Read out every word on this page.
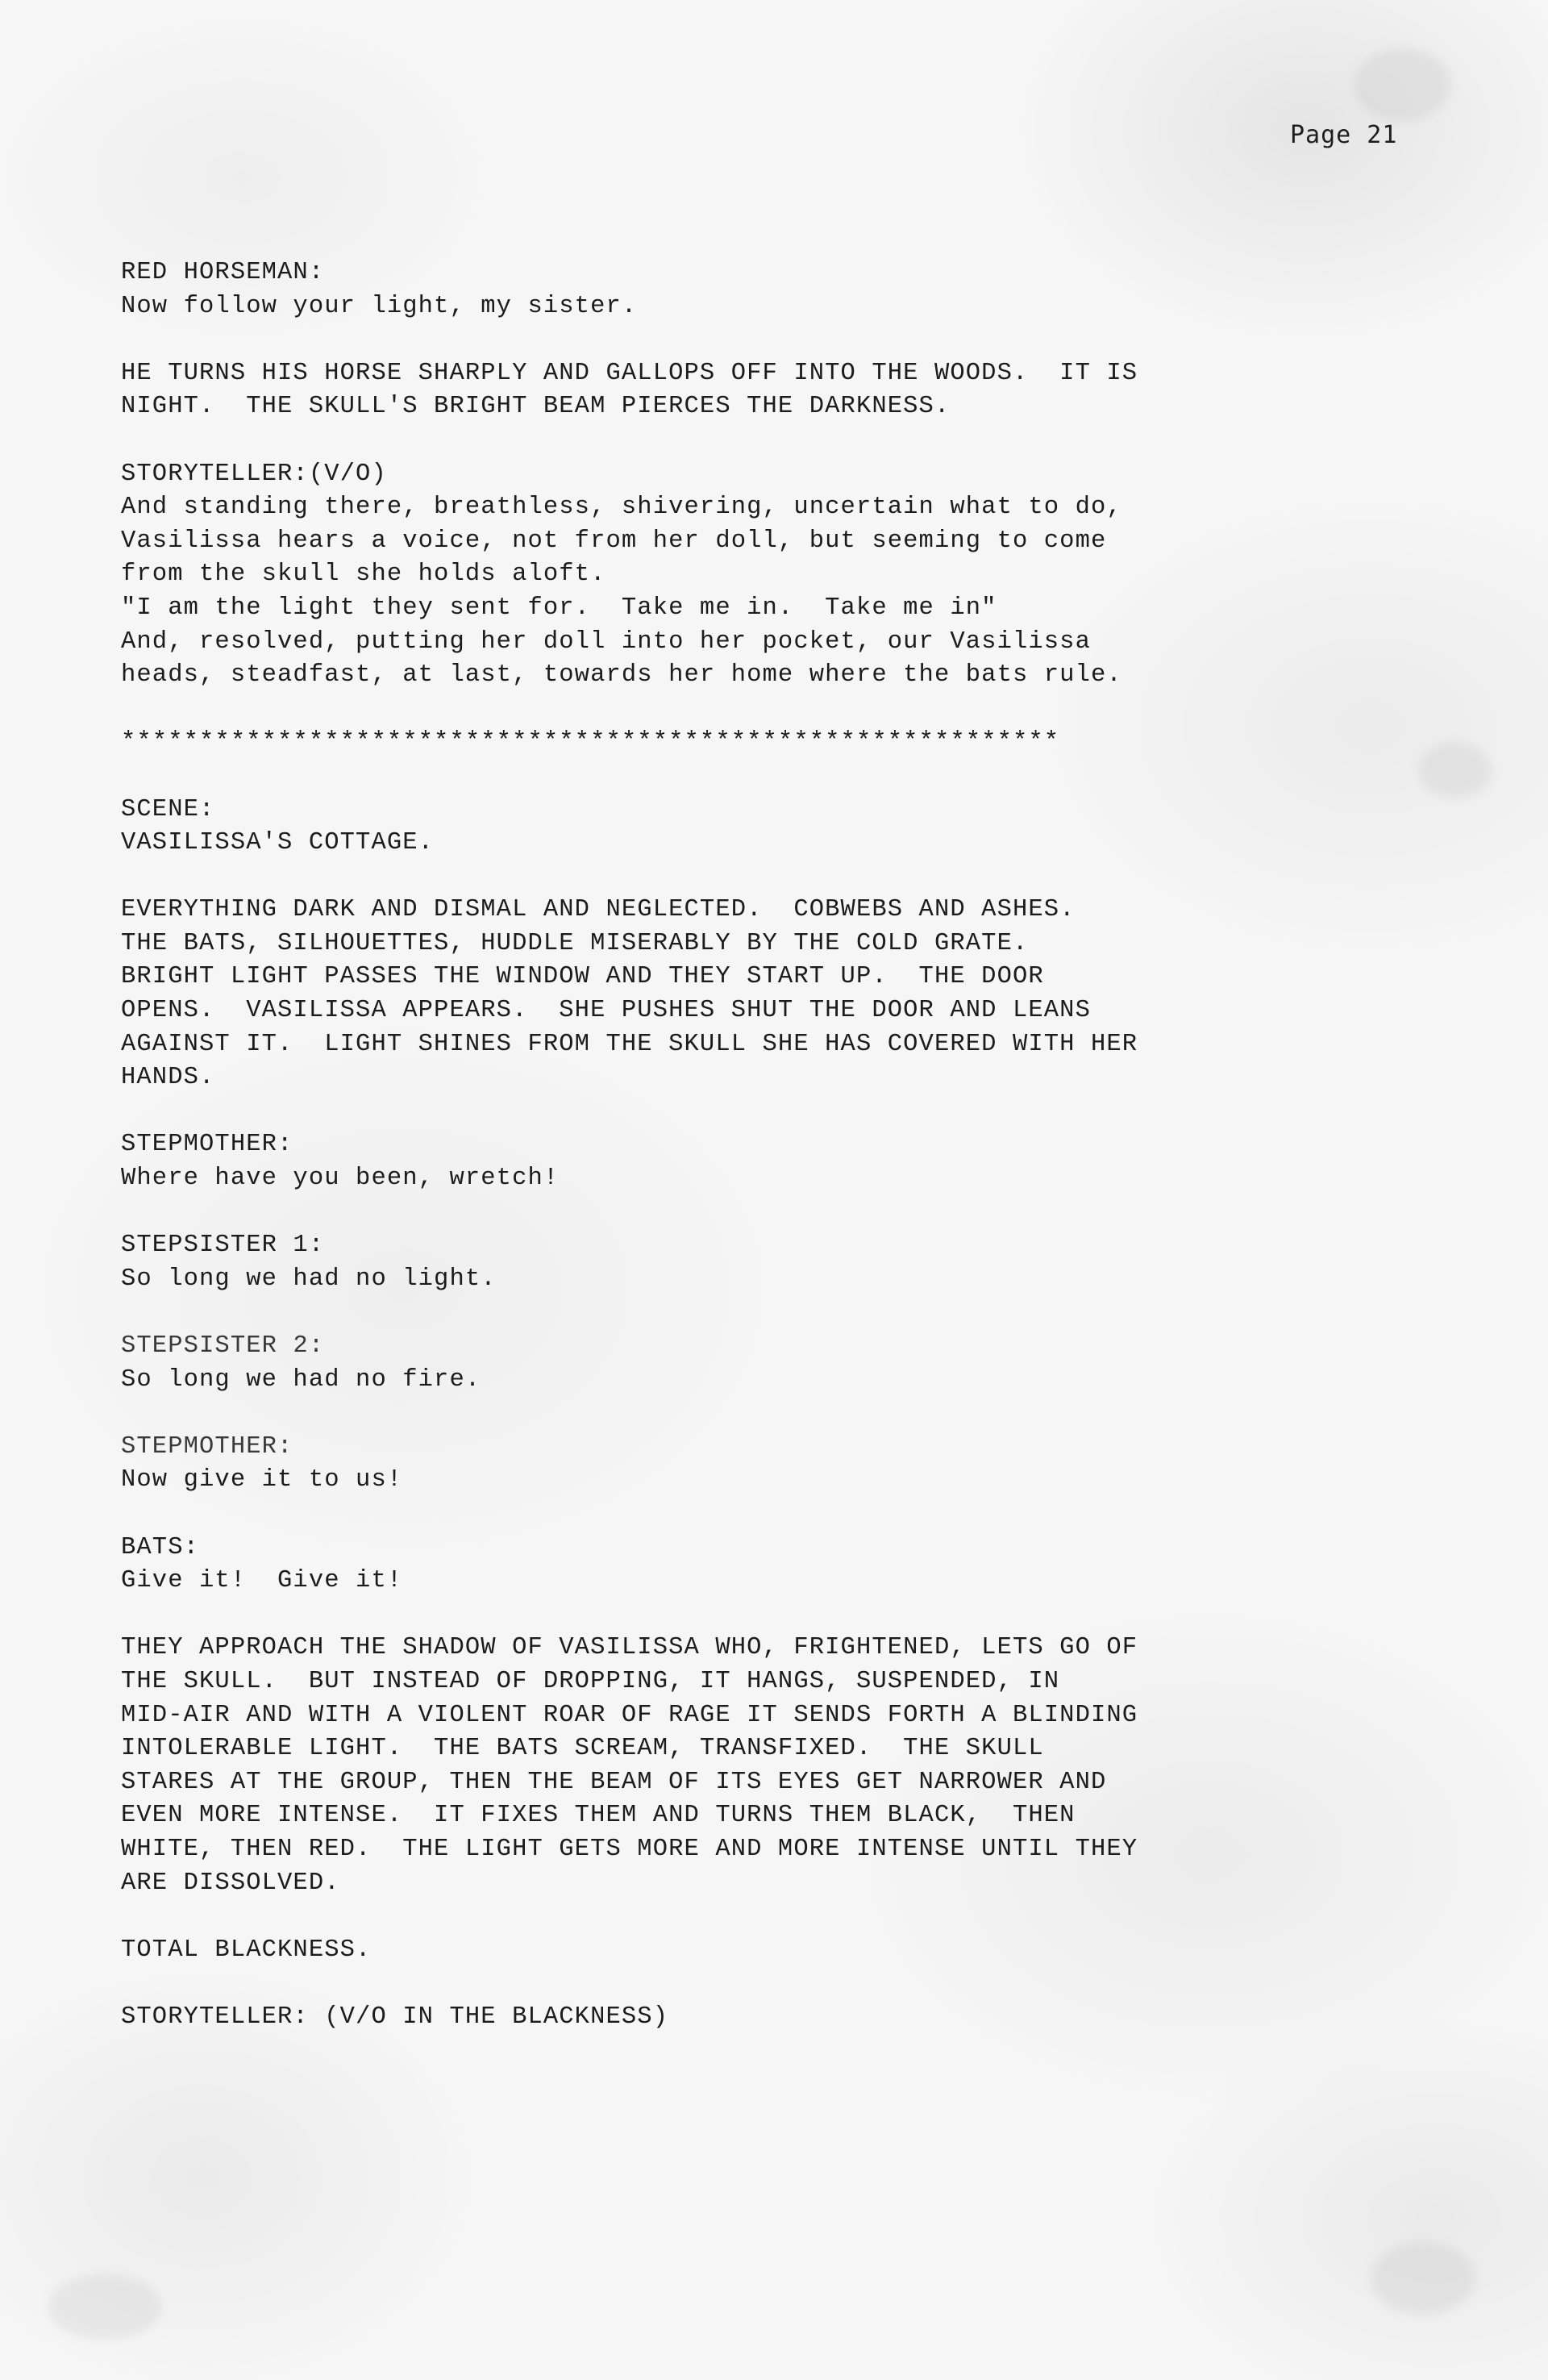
Page 21
RED HORSEMAN:
Now follow your light, my sister.
HE TURNS HIS HORSE SHARPLY AND GALLOPS OFF INTO THE WOODS.  IT IS
NIGHT.  THE SKULL'S BRIGHT BEAM PIERCES THE DARKNESS.
STORYTELLER:(V/O)
And standing there, breathless, shivering, uncertain what to do,
Vasilissa hears a voice, not from her doll, but seeming to come
from the skull she holds aloft.
"I am the light they sent for.  Take me in.  Take me in"
And, resolved, putting her doll into her pocket, our Vasilissa
heads, steadfast, at last, towards her home where the bats rule.
************************************************************
SCENE:
VASILISSA'S COTTAGE.
EVERYTHING DARK AND DISMAL AND NEGLECTED.  COBWEBS AND ASHES.
THE BATS, SILHOUETTES, HUDDLE MISERABLY BY THE COLD GRATE.
BRIGHT LIGHT PASSES THE WINDOW AND THEY START UP.  THE DOOR
OPENS.  VASILISSA APPEARS.  SHE PUSHES SHUT THE DOOR AND LEANS
AGAINST IT.  LIGHT SHINES FROM THE SKULL SHE HAS COVERED WITH HER
HANDS.
STEPMOTHER:
Where have you been, wretch!
STEPSISTER 1:
So long we had no light.
STEPSISTER 2:
So long we had no fire.
STEPMOTHER:
Now give it to us!
BATS:
Give it!  Give it!
THEY APPROACH THE SHADOW OF VASILISSA WHO, FRIGHTENED, LETS GO OF
THE SKULL.  BUT INSTEAD OF DROPPING, IT HANGS, SUSPENDED, IN
MID-AIR AND WITH A VIOLENT ROAR OF RAGE IT SENDS FORTH A BLINDING
INTOLERABLE LIGHT.  THE BATS SCREAM, TRANSFIXED.  THE SKULL
STARES AT THE GROUP, THEN THE BEAM OF ITS EYES GET NARROWER AND
EVEN MORE INTENSE.  IT FIXES THEM AND TURNS THEM BLACK,  THEN
WHITE, THEN RED.  THE LIGHT GETS MORE AND MORE INTENSE UNTIL THEY
ARE DISSOLVED.
TOTAL BLACKNESS.
STORYTELLER: (V/O IN THE BLACKNESS)
